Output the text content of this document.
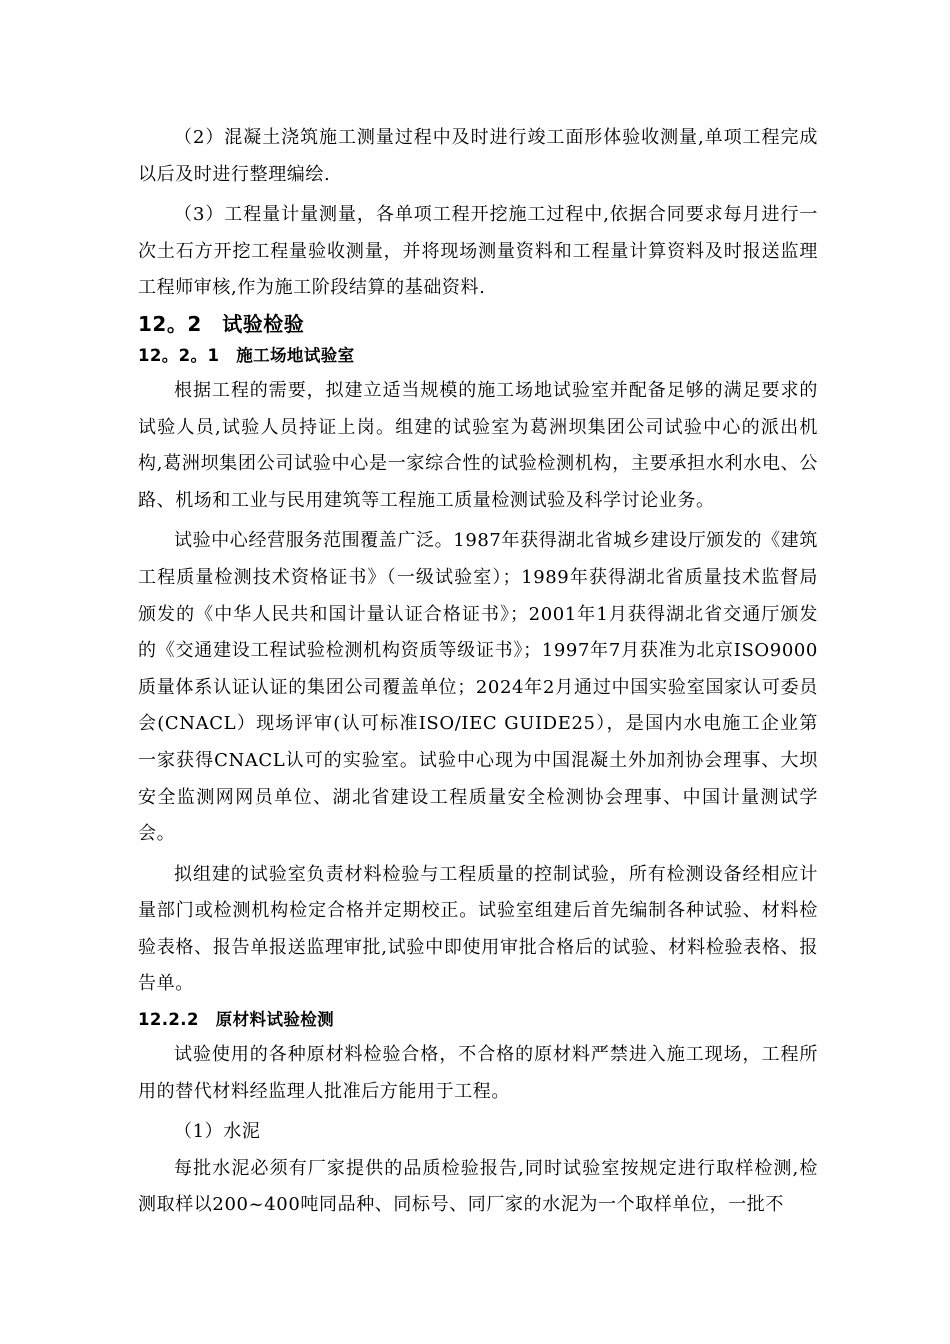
（2）混凝土浇筑施工测量过程中及时进行竣工面形体验收测量,单项工程完成以后及时进行整理编绘.

（3）工程量计量测量，各单项工程开挖施工过程中,依据合同要求每月进行一次土石方开挖工程量验收测量，并将现场测量资料和工程量计算资料及时报送监理工程师审核,作为施工阶段结算的基础资料.

12。2　试验检验
12。2。1　施工场地试验室

根据工程的需要，拟建立适当规模的施工场地试验室并配备足够的满足要求的试验人员,试验人员持证上岗。组建的试验室为葛洲坝集团公司试验中心的派出机构,葛洲坝集团公司试验中心是一家综合性的试验检测机构，主要承担水利水电、公路、机场和工业与民用建筑等工程施工质量检测试验及科学讨论业务。

试验中心经营服务范围覆盖广泛。1987年获得湖北省城乡建设厅颁发的《建筑工程质量检测技术资格证书》（一级试验室）；1989年获得湖北省质量技术监督局颁发的《中华人民共和国计量认证合格证书》；2001年1月获得湖北省交通厅颁发的《交通建设工程试验检测机构资质等级证书》；1997年7月获准为北京ISO9000质量体系认证认证的集团公司覆盖单位；2024年2月通过中国实验室国家认可委员会(CNACL）现场评审(认可标准ISO/IEC GUIDE25），是国内水电施工企业第一家获得CNACL认可的实验室。试验中心现为中国混凝土外加剂协会理事、大坝安全监测网网员单位、湖北省建设工程质量安全检测协会理事、中国计量测试学会。

拟组建的试验室负责材料检验与工程质量的控制试验，所有检测设备经相应计量部门或检测机构检定合格并定期校正。试验室组建后首先编制各种试验、材料检验表格、报告单报送监理审批,试验中即使用审批合格后的试验、材料检验表格、报告单。

12.2.2　原材料试验检测

试验使用的各种原材料检验合格，不合格的原材料严禁进入施工现场，工程所用的替代材料经监理人批准后方能用于工程。

（1）水泥

每批水泥必须有厂家提供的品质检验报告,同时试验室按规定进行取样检测,检测取样以200~400吨同品种、同标号、同厂家的水泥为一个取样单位，一批不
